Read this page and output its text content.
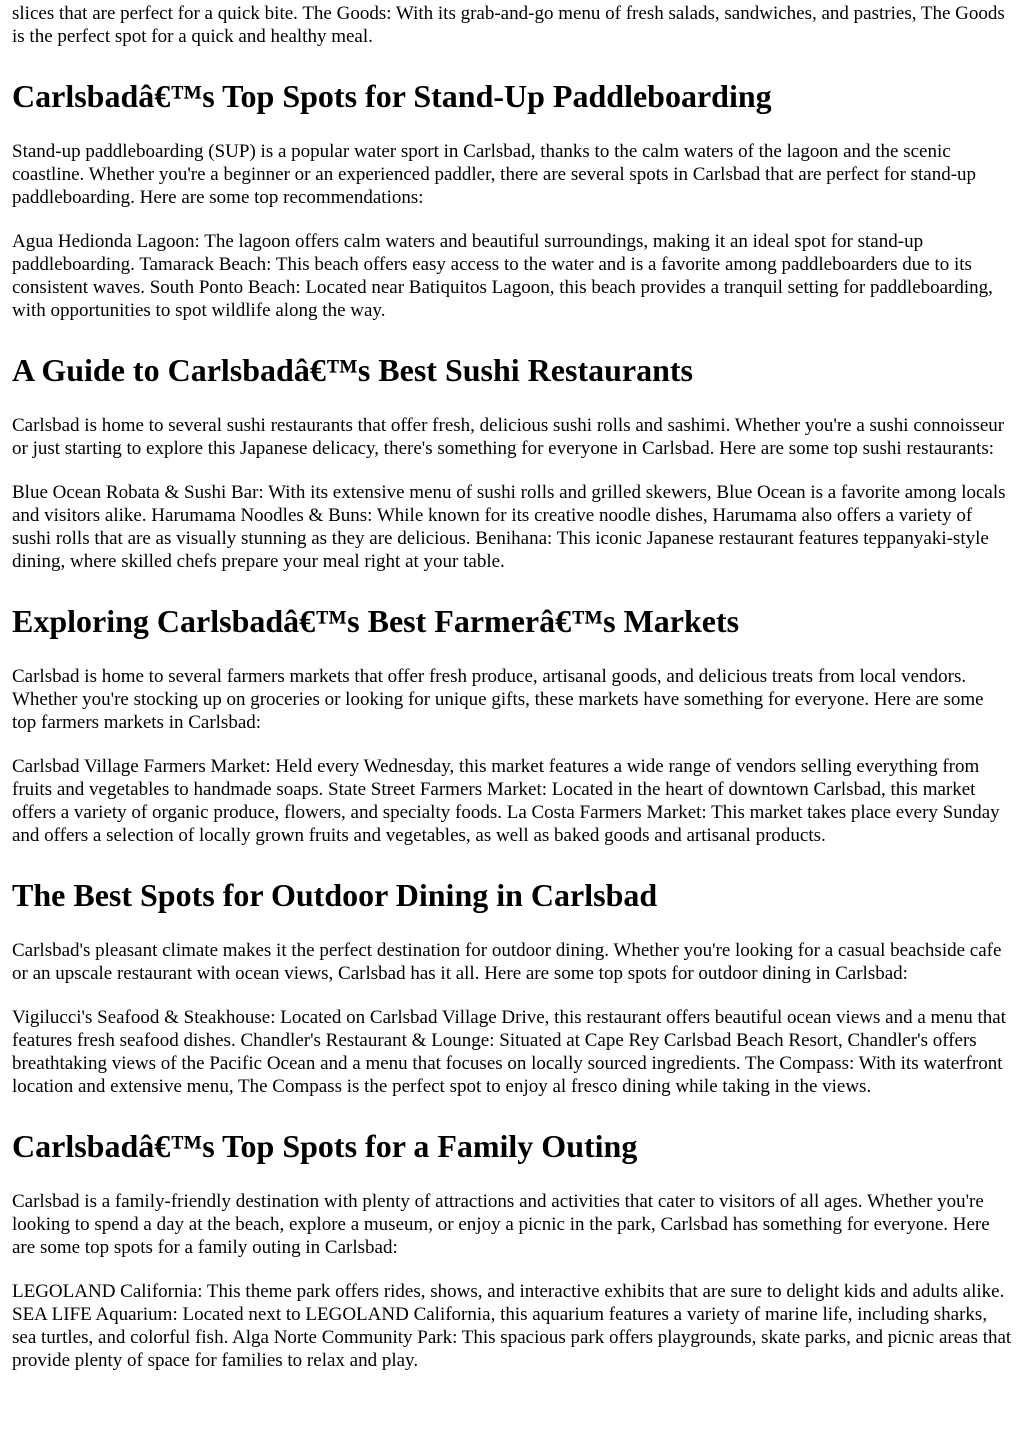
slices that are perfect for a quick bite. The Goods: With its grab-and-go menu of fresh salads, sandwiches, and pastries, The Goods is the perfect spot for a quick and healthy meal.

Carlsbadâ€™s Top Spots for Stand-Up Paddleboarding

Stand-up paddleboarding (SUP) is a popular water sport in Carlsbad, thanks to the calm waters of the lagoon and the scenic coastline. Whether you're a beginner or an experienced paddler, there are several spots in Carlsbad that are perfect for stand-up paddleboarding. Here are some top recommendations:

Agua Hedionda Lagoon: The lagoon offers calm waters and beautiful surroundings, making it an ideal spot for stand-up paddleboarding. Tamarack Beach: This beach offers easy access to the water and is a favorite among paddleboarders due to its consistent waves. South Ponto Beach: Located near Batiquitos Lagoon, this beach provides a tranquil setting for paddleboarding, with opportunities to spot wildlife along the way.

A Guide to Carlsbadâ€™s Best Sushi Restaurants

Carlsbad is home to several sushi restaurants that offer fresh, delicious sushi rolls and sashimi. Whether you're a sushi connoisseur or just starting to explore this Japanese delicacy, there's something for everyone in Carlsbad. Here are some top sushi restaurants:

Blue Ocean Robata & Sushi Bar: With its extensive menu of sushi rolls and grilled skewers, Blue Ocean is a favorite among locals and visitors alike. Harumama Noodles & Buns: While known for its creative noodle dishes, Harumama also offers a variety of sushi rolls that are as visually stunning as they are delicious. Benihana: This iconic Japanese restaurant features teppanyaki-style dining, where skilled chefs prepare your meal right at your table.

Exploring Carlsbadâ€™s Best Farmerâ€™s Markets

Carlsbad is home to several farmers markets that offer fresh produce, artisanal goods, and delicious treats from local vendors. Whether you're stocking up on groceries or looking for unique gifts, these markets have something for everyone. Here are some top farmers markets in Carlsbad:

Carlsbad Village Farmers Market: Held every Wednesday, this market features a wide range of vendors selling everything from fruits and vegetables to handmade soaps. State Street Farmers Market: Located in the heart of downtown Carlsbad, this market offers a variety of organic produce, flowers, and specialty foods. La Costa Farmers Market: This market takes place every Sunday and offers a selection of locally grown fruits and vegetables, as well as baked goods and artisanal products.

The Best Spots for Outdoor Dining in Carlsbad

Carlsbad's pleasant climate makes it the perfect destination for outdoor dining. Whether you're looking for a casual beachside cafe or an upscale restaurant with ocean views, Carlsbad has it all. Here are some top spots for outdoor dining in Carlsbad:

Vigilucci's Seafood & Steakhouse: Located on Carlsbad Village Drive, this restaurant offers beautiful ocean views and a menu that features fresh seafood dishes. Chandler's Restaurant & Lounge: Situated at Cape Rey Carlsbad Beach Resort, Chandler's offers breathtaking views of the Pacific Ocean and a menu that focuses on locally sourced ingredients. The Compass: With its waterfront location and extensive menu, The Compass is the perfect spot to enjoy al fresco dining while taking in the views.

Carlsbadâ€™s Top Spots for a Family Outing

Carlsbad is a family-friendly destination with plenty of attractions and activities that cater to visitors of all ages. Whether you're looking to spend a day at the beach, explore a museum, or enjoy a picnic in the park, Carlsbad has something for everyone. Here are some top spots for a family outing in Carlsbad:

LEGOLAND California: This theme park offers rides, shows, and interactive exhibits that are sure to delight kids and adults alike. SEA LIFE Aquarium: Located next to LEGOLAND California, this aquarium features a variety of marine life, including sharks, sea turtles, and colorful fish. Alga Norte Community Park: This spacious park offers playgrounds, skate parks, and picnic areas that provide plenty of space for families to relax and play.
